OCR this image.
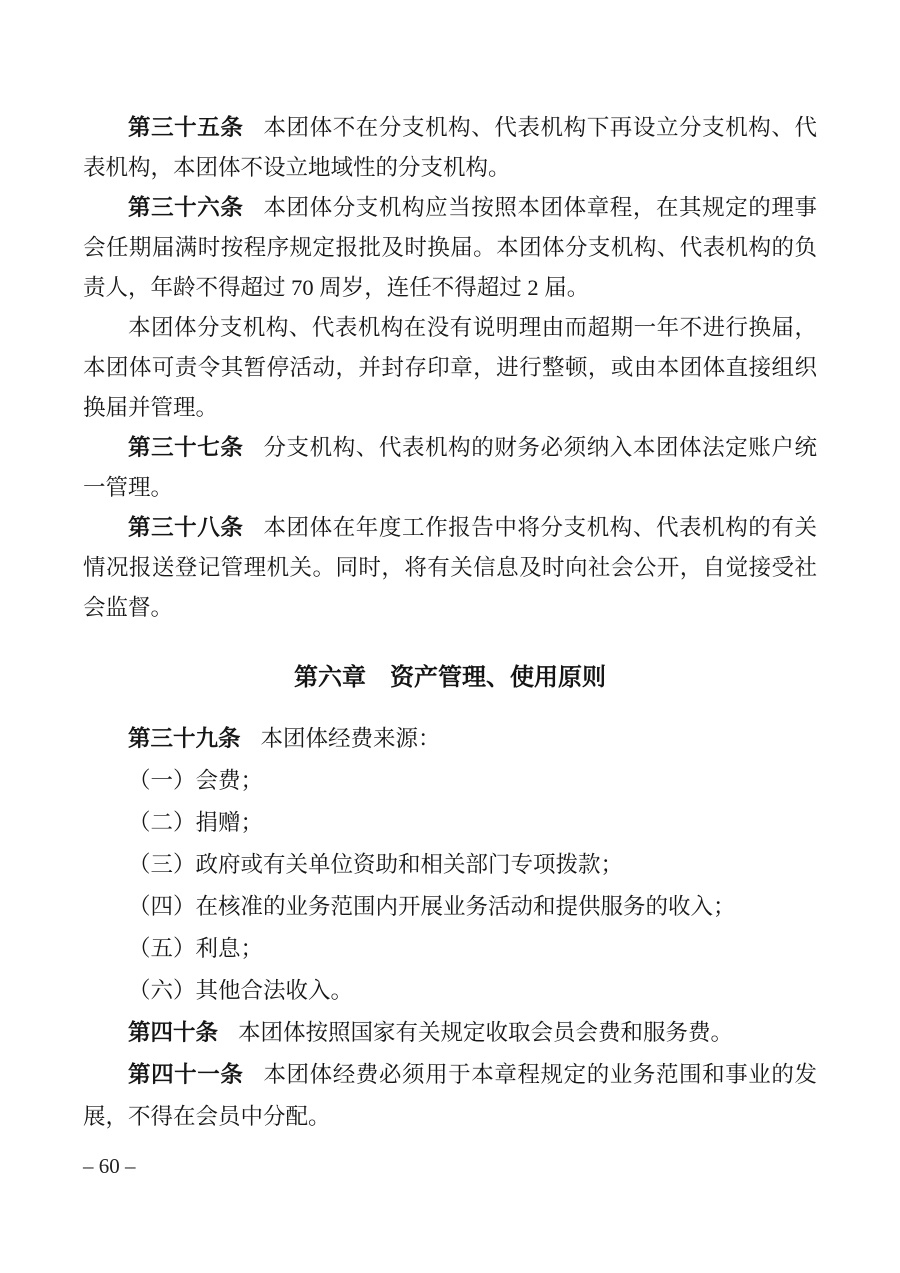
第三十五条 本团体不在分支机构、代表机构下再设立分支机构、代表机构，本团体不设立地域性的分支机构。

第三十六条 本团体分支机构应当按照本团体章程，在其规定的理事会任期届满时按程序规定报批及时换届。本团体分支机构、代表机构的负责人，年龄不得超过 70 周岁，连任不得超过 2 届。

本团体分支机构、代表机构在没有说明理由而超期一年不进行换届，本团体可责令其暂停活动，并封存印章，进行整顿，或由本团体直接组织换届并管理。

第三十七条 分支机构、代表机构的财务必须纳入本团体法定账户统一管理。

第三十八条 本团体在年度工作报告中将分支机构、代表机构的有关情况报送登记管理机关。同时，将有关信息及时向社会公开，自觉接受社会监督。

第六章 资产管理、使用原则

第三十九条 本团体经费来源：

（一）会费；

（二）捐赠；

（三）政府或有关单位资助和相关部门专项拨款；

（四）在核准的业务范围内开展业务活动和提供服务的收入；

（五）利息；

（六）其他合法收入。

第四十条 本团体按照国家有关规定收取会员会费和服务费。

第四十一条 本团体经费必须用于本章程规定的业务范围和事业的发展，不得在会员中分配。

– 60 –
